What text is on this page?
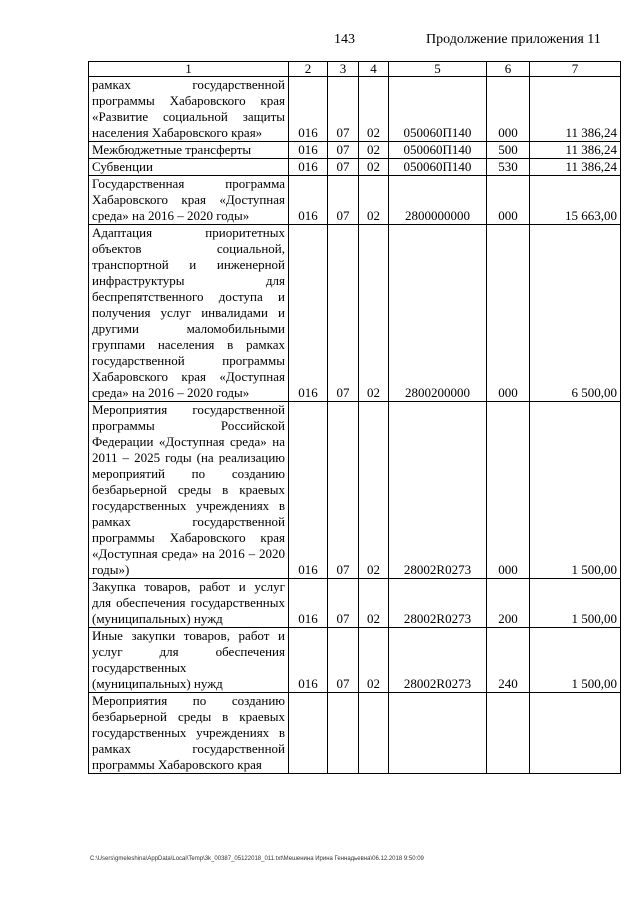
143	Продолжение приложения 11
1	2	3	4	5	6	7
рамках государственной программы Хабаровского края «Развитие социальной защиты населения Хабаровского края»	016	07	02	050060П140	000	11 386,24
Межбюджетные трансферты	016	07	02	050060П140	500	11 386,24
Субвенции	016	07	02	050060П140	530	11 386,24
Государственная программа Хабаровского края «Доступная среда» на 2016 – 2020 годы»	016	07	02	2800000000	000	15 663,00
Адаптация приоритетных объектов социальной, транспортной и инженерной инфраструктуры для беспрепятственного доступа и получения услуг инвалидами и другими маломобильными группами населения в рамках государственной программы Хабаровского края «Доступная среда» на 2016 – 2020 годы»	016	07	02	2800200000	000	6 500,00
Мероприятия государственной программы Российской Федерации «Доступная среда» на 2011 – 2025 годы (на реализацию мероприятий по созданию безбарьерной среды в краевых государственных учреждениях в рамках государственной программы Хабаровского края «Доступная среда» на 2016 – 2020 годы»)	016	07	02	28002R0273	000	1 500,00
Закупка товаров, работ и услуг для обеспечения государственных (муниципальных) нужд	016	07	02	28002R0273	200	1 500,00
Иные закупки товаров, работ и услуг для обеспечения государственных (муниципальных) нужд	016	07	02	28002R0273	240	1 500,00
Мероприятия по созданию безбарьерной среды в краевых государственных учреждениях в рамках государственной программы Хабаровского края						
C:\Users\gmeleshina\AppData\Local\Temp\3k_00387_05122018_011.txt\Мешенина Ирина Геннадьевна\06.12.2018 9:50:09
